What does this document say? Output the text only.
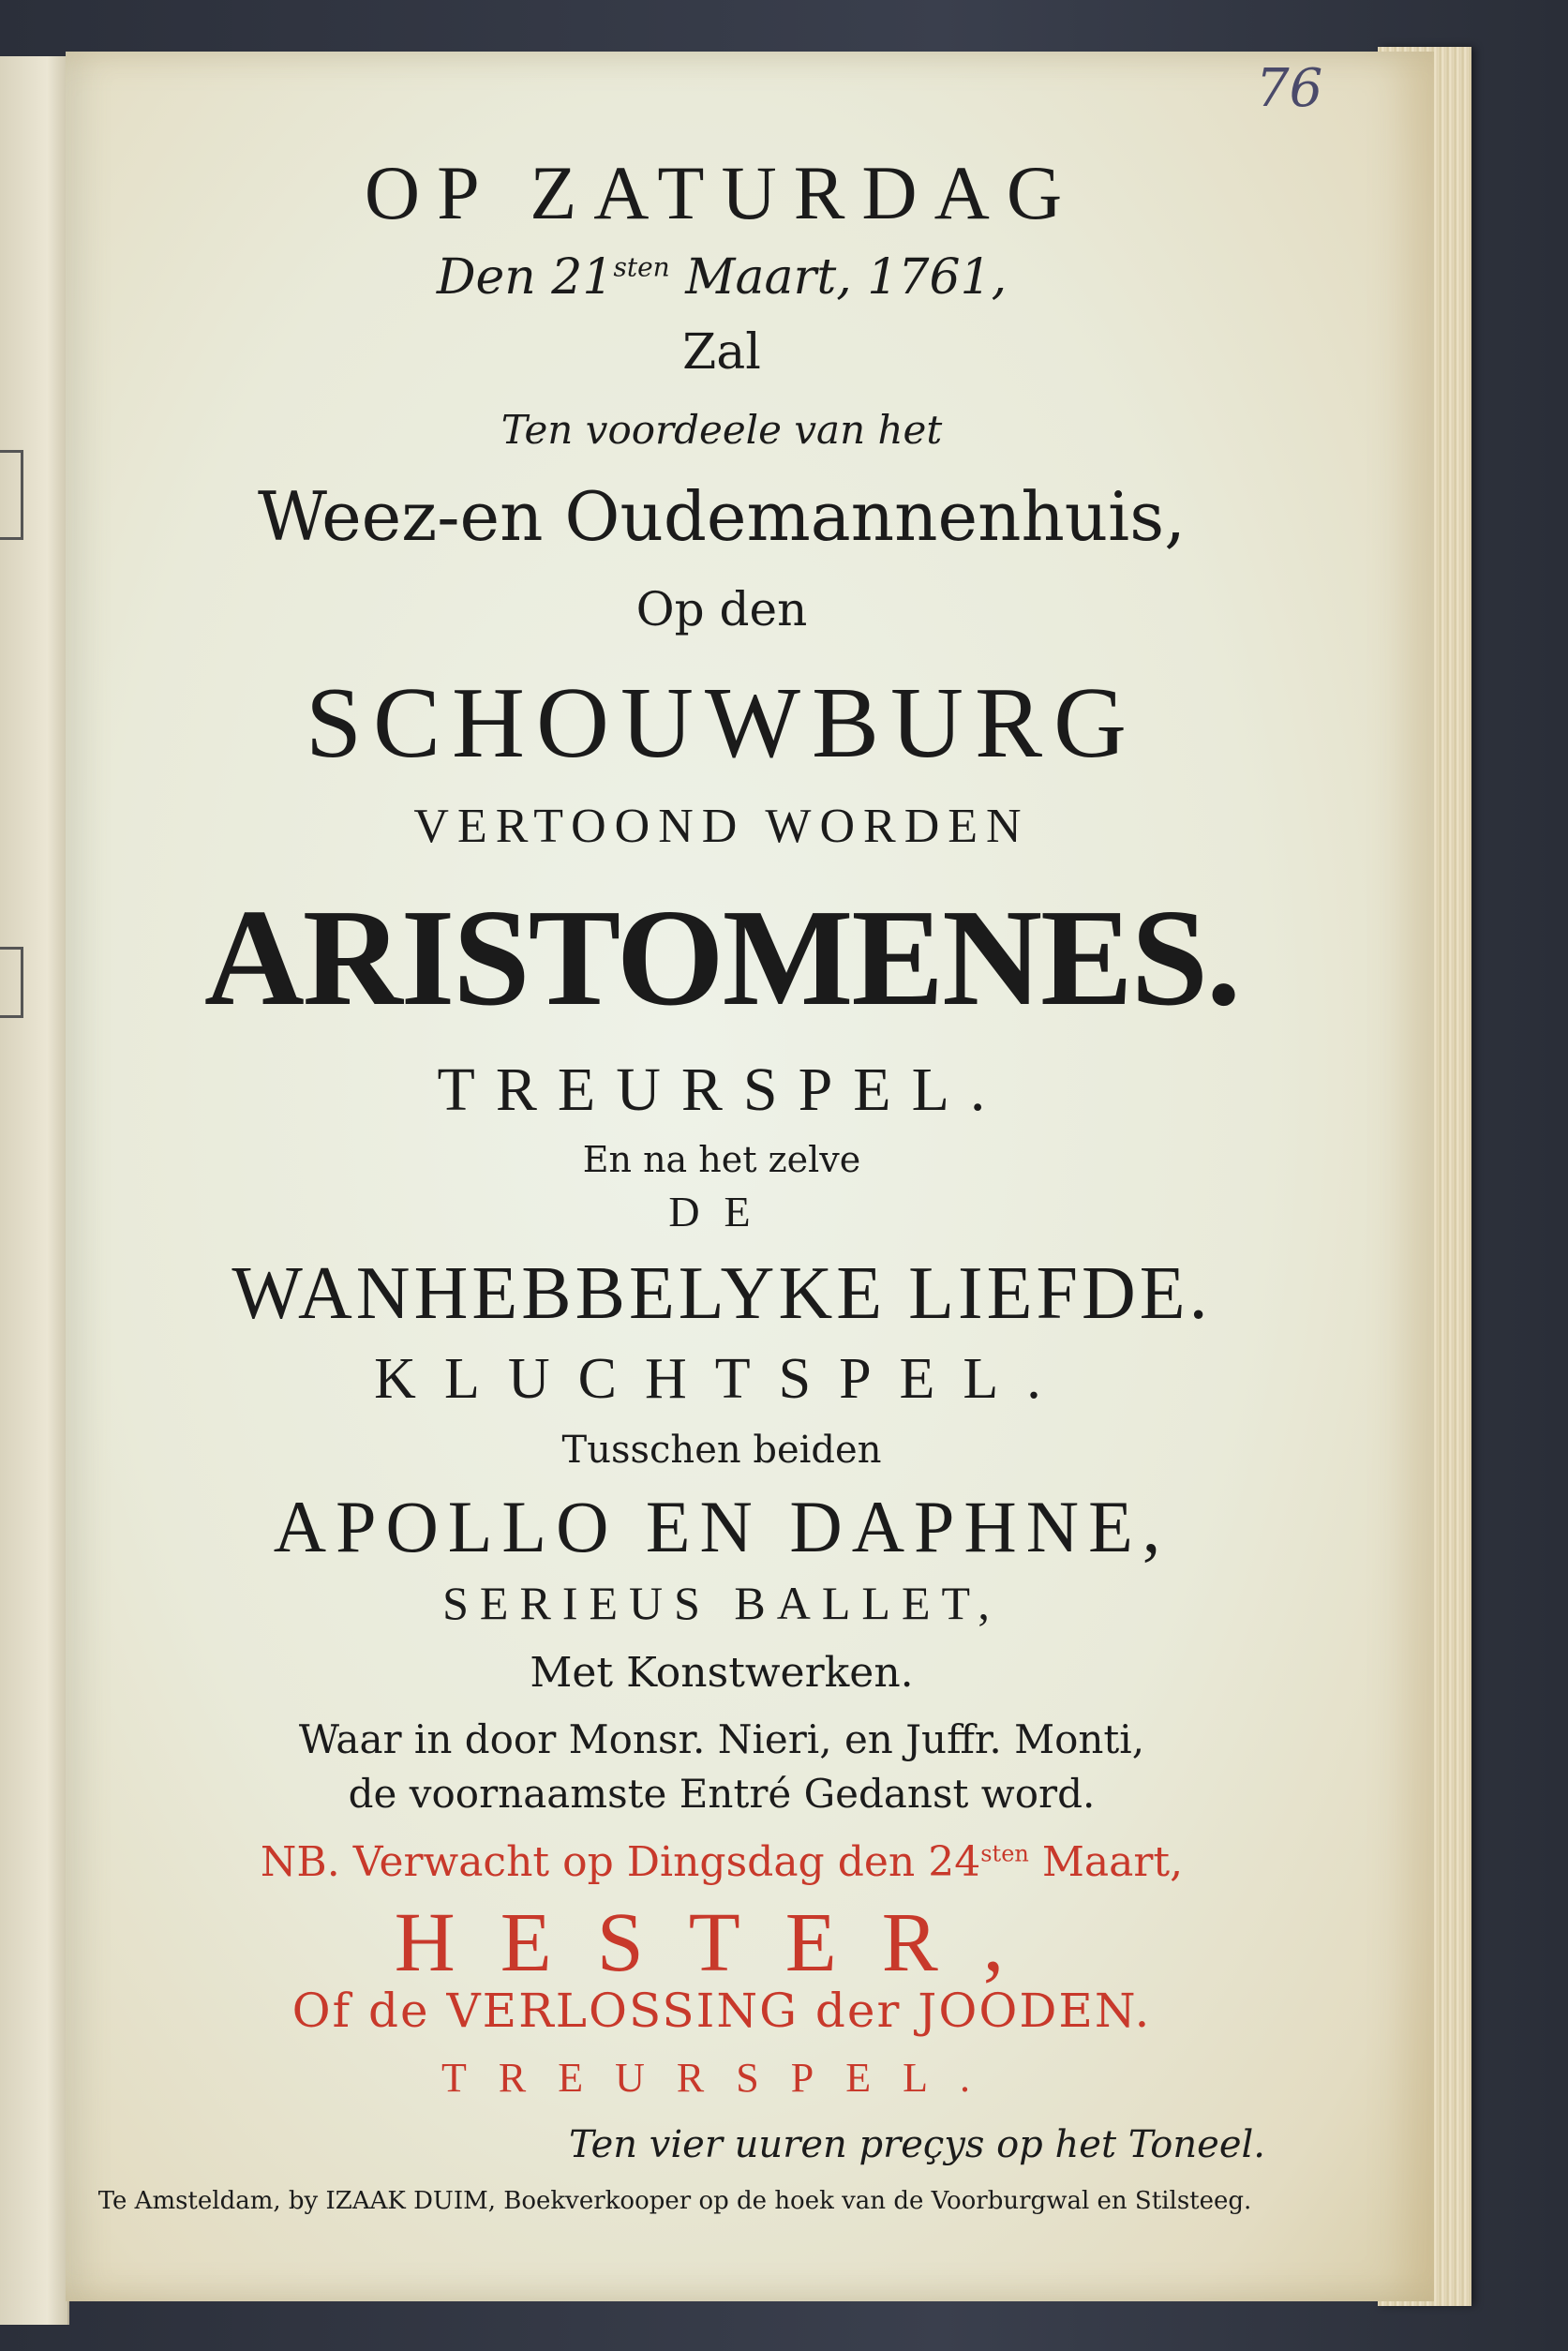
76
OP ZATURDAG
Den $21^{sten}$ Maart, 1761,
Zal
Ten voordeele van het
Weez-en Oudemannenhuis,
Op den
SCHOUWBURG
VERTOOND WORDEN
ARISTOMENES.
TREURSPEL.
En na het zelve
DE
WANHEBBELYKE LIEFDE.
KLUCHTSPEL.
Tusschen beiden
APOLLO EN DAPHNE,
SERIEUS BALLET,
Met Konstwerken.
Waar in door Monsr. Nieri, en Juffr. Monti,
de voornaamste Entré Gedanst word.
NB. Verwacht op Dingsdag den $24^{sten}$ Maart,
HESTER,
Of de VERLOSSING der JOODEN.
TREURSPEL.
Ten vier uuren preçys op het Toneel.
Te Amsteldam, by IZAAK DUIM, Boekverkooper op de hoek van de Voorburgwal en Stilsteeg.
